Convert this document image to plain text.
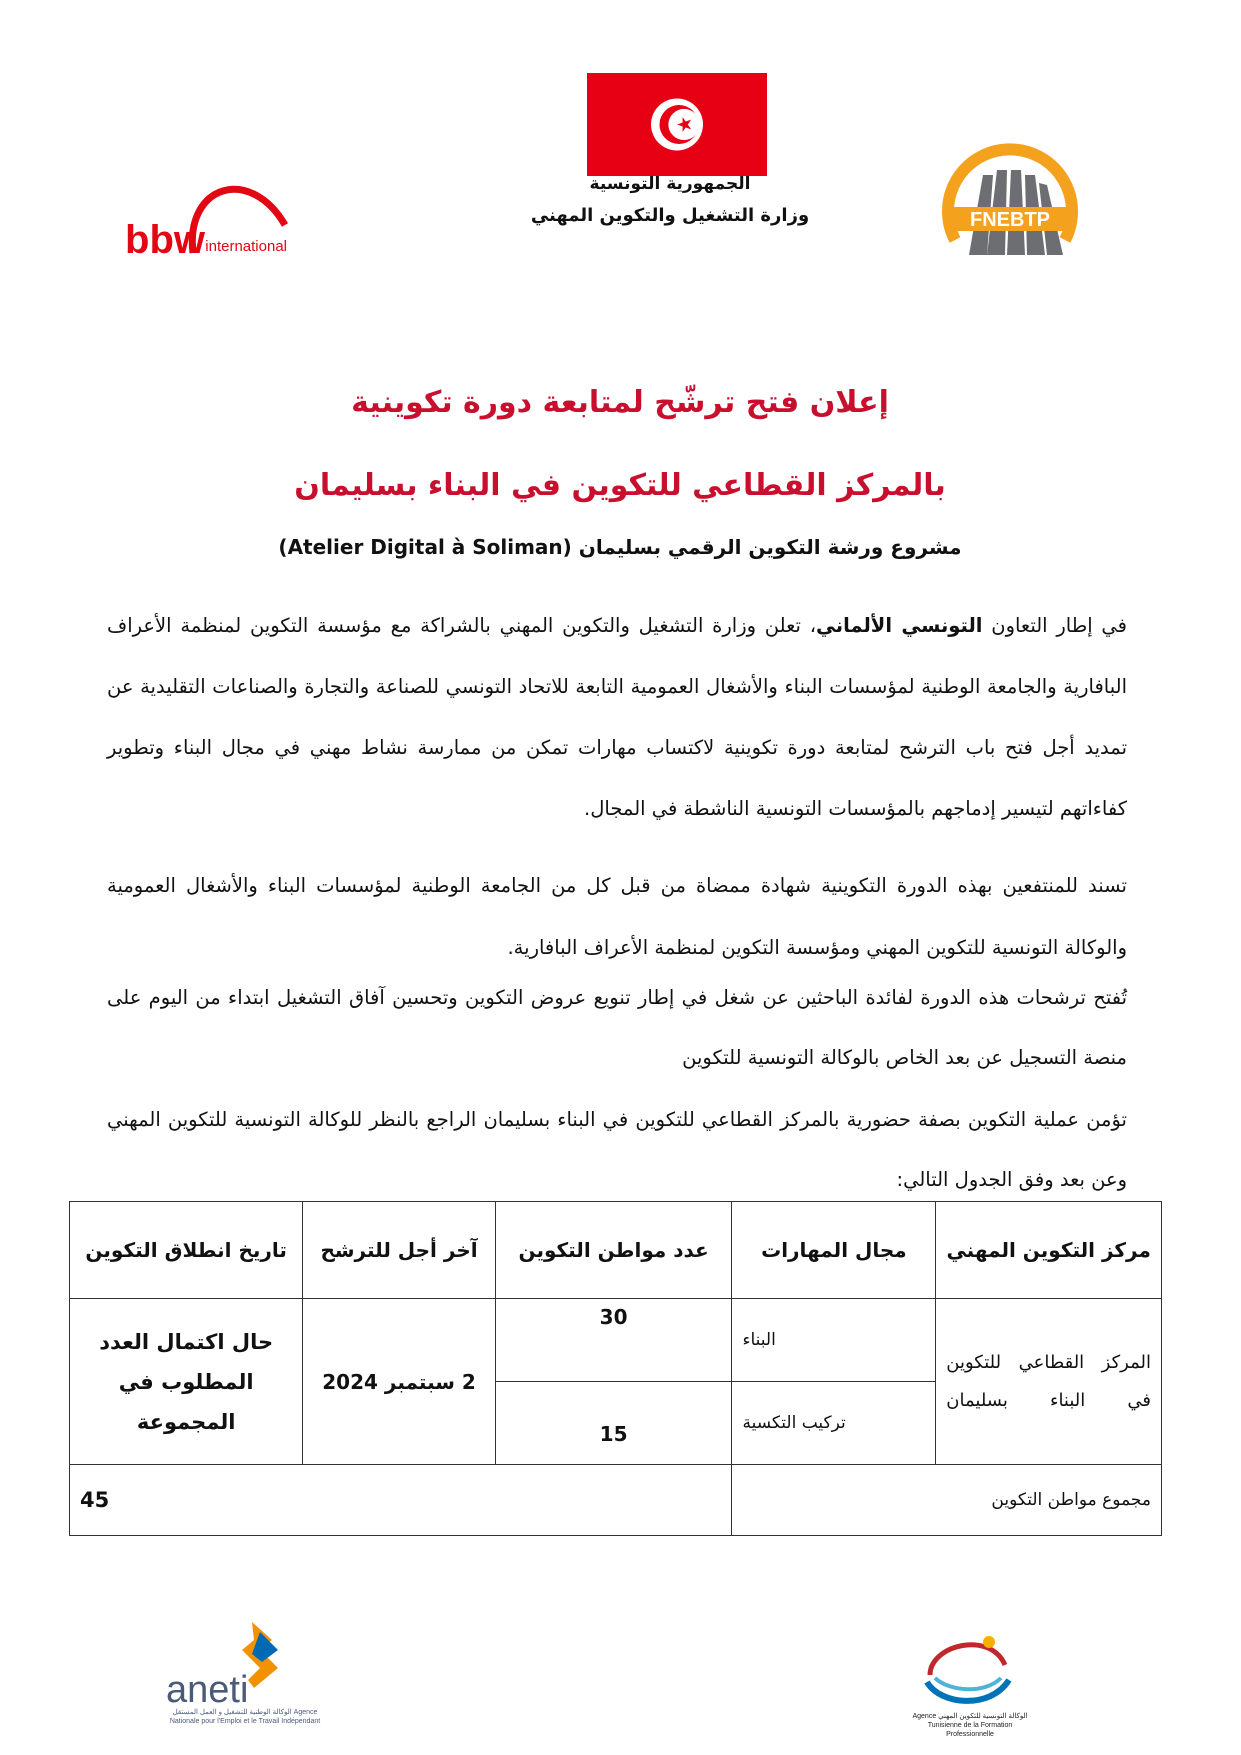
الجمهورية التونسية
وزارة التشغيل والتكوين المهني
bbw international
FNEBTP
إعلان فتح ترشّح لمتابعة دورة تكوينية
بالمركز القطاعي للتكوين في البناء بسليمان
مشروع ورشة التكوين الرقمي بسليمان (Atelier Digital à Soliman)
في إطار التعاون التونسي الألماني، تعلن وزارة التشغيل والتكوين المهني بالشراكة مع مؤسسة التكوين لمنظمة الأعراف البافارية والجامعة الوطنية لمؤسسات البناء والأشغال العمومية التابعة للاتحاد التونسي للصناعة والتجارة والصناعات التقليدية عن تمديد أجل فتح باب الترشح لمتابعة دورة تكوينية لاكتساب مهارات تمكن من ممارسة نشاط مهني في مجال البناء وتطوير كفاءاتهم لتيسير إدماجهم بالمؤسسات التونسية الناشطة في المجال.
تسند للمنتفعين بهذه الدورة التكوينية شهادة ممضاة من قبل كل من الجامعة الوطنية لمؤسسات البناء والأشغال العمومية والوكالة التونسية للتكوين المهني ومؤسسة التكوين لمنظمة الأعراف البافارية.
تُفتح ترشحات هذه الدورة لفائدة الباحثين عن شغل في إطار تنويع عروض التكوين وتحسين آفاق التشغيل ابتداء من اليوم على منصة التسجيل عن بعد الخاص بالوكالة التونسية للتكوين
تؤمن عملية التكوين بصفة حضورية بالمركز القطاعي للتكوين في البناء بسليمان الراجع بالنظر للوكالة التونسية للتكوين المهني وعن بعد وفق الجدول التالي:
مركز التكوين المهني	مجال المهارات	عدد مواطن التكوين	آخر أجل للترشح	تاريخ انطلاق التكوين
المركز القطاعي للتكوين في البناء بسليمان	البناء	30	2 سبتمبر 2024	حال اكتمال العدد المطلوب في المجموعة
	تركيب التكسية	15		
مجموع مواطن التكوين		45		
aneti
الوكالة الوطنية للتشغيل و العمل المستقل Agence Nationale pour l'Emploi et le Travail Indépendant
الوكالة التونسية للتكوين المهني Agence Tunisienne de la Formation Professionnelle
